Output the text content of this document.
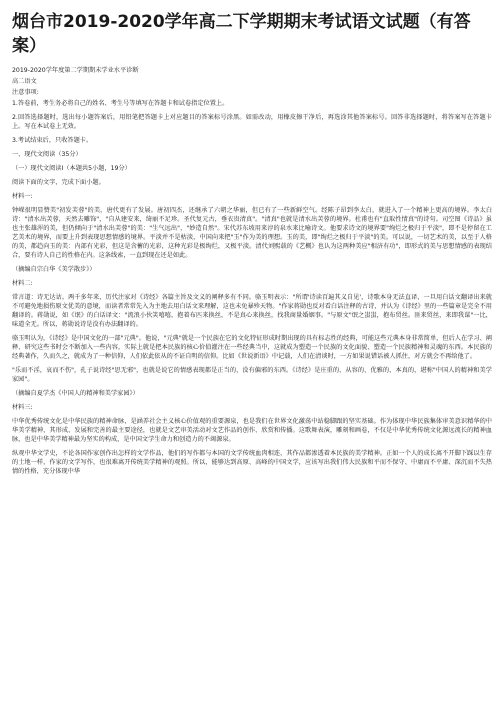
烟台市2019-2020学年高二下学期期末考试语文试题（有答案）

2019-2020学年度第二学期期末学业水平诊断

高二语文

注意事项:

1.答卷前，考生务必将自己的姓名、考生号等填写在答题卡和试卷指定位置上。

2.回答选择题时，选出每小题答案后，用铅笔把答题卡上对应题目的答案标号涂黑。如需改动，用橡皮擦干净后，再选涂其他答案标号。回答非选择题时，将答案写在答题卡上。写在本试卷上无效。

3.考试结束后，只收答题卡。

一、现代文阅读（35分）

（一）现代文阅读I（本题共5小题，19分）

阅读下面的文字，完成下面小题。

材料一:

钟嵘很明显赞美"初发芙蓉"的美，唐代更有了发展。唐初四杰，还继承了六朝之华丽，但已有了一些新鲜空气。经陈子昂到李太白，就进入了一个精神上更高的境界。李太白诗："清水出芙蓉，天然去雕饰"，"自从建安来，绮丽不足珍。圣代复元古，垂衣贵清真"。"清真"也就是清水出芙蓉的境界。杜甫也有"直取性情真"的诗句。司空图《诗品》虽也主张雄浑的美，但仍倾向于"清水出芙蓉"的美："生气远出"，"妙造自然"。宋代苏东坡用来淳的泉水来比喻诗文。他要求诗文的境界要"绚烂之极归于平淡"，即不是停留在工艺美术的境界，而要上升到表现思想情感的境界。平淡并不是枯淡，中国向来把"玉"作为美的理想。玉的美，即"绚烂之极归于平淡"的美。可以说，一切艺术的美，以至于人格的美，都趋向玉的美：内部有光彩，但这是含蓄的光彩，这种光彩是极绚烂，又极平淡。清代刘熙载的《艺概》也认为这两种美应"相济有功"，即形式的美与思想情感的表现结合，要有诗人自己的性格在内。这条线索，一直到现在还是如此。

（摘编自宗白华《美学散步》）

材料二:

常言道：诗无达诂。两千多年来，历代注家对《诗经》各篇主旨及文义的阐释多有不同。骆玉明表示："所谓'诗读百遍其义自见'，诗歌本身无法直译，一旦用白话文翻译出来就不可避免地损伤原文优美的意境，而读者常常先入为主地去用白话文来理解，这也未免暴殄天物。"作家蒋勋也反对看白话注释的古诗，并认为《诗经》里的一些篇章是完全不用翻译的。蒋勋说，如《氓》的白话译文："流浪小伙笑嘻嘻，抱着布匹来换丝，不是真心来换丝，找我商量婚姻事。"与原文"氓之蚩蚩，抱布贸丝。匪来贸丝，来即我谋"一比，味道全无。所以，蒋勋说诗是没有办法翻译的。

骆玉明认为，《诗经》是中国文化的一部"元典"。他说，"元典"就是一个民族在它的文化特征形成时期出现的具有标志性的经典，可能这些元典本身非常简单，但后人在学习、阐释、研究这些书时会不断加入一些内容，实际上就是把本民族的核心价值灌注在一些经典当中，这就成为塑造一个民族的文化面貌、塑造一个民族精神和灵魂的东西。本民族的经典著作，久而久之，就成为了一种信仰，人们依此依从的不证自明的信仰。比如《世说新语》中记载，人们在清谈时，一方如果说错话被人抓住，对方就会不再给他了。

"乐而不淫，哀而不伤"，孔子说诗经"思无邪"，也就是说它的情感表现都是正当的，没有偏邪的东西。《诗经》是庄重的、从容的、优雅的、本真的，堪称"中国人的精神和美学家园"。

（摘编自夏学杰《中国人的精神和美学家园》）

材料三:

中华优秀传统文化是中华民族的精神命脉，是涵养社会主义核心价值观的重要源泉，也是我们在世界文化激荡中站稳脚跟的坚实基础。作为体现中华民族集体审美意识精华的中华美学精神，其形成、发展和完善的最主要途径，也就是文艺审美活动对文艺作品的创作、欣赏和传播。这歌舞表演，雕刻和画卷，不仅是中华优秀传统文化源远流长的精神血脉，也是中华美学精神最为坚实的构成，是中国文学生命力和创造力的不竭源泉。

纵观中华文学史，不论各国作家创作出怎样的文学作品，他们的写作都与本国的文学传统血肉相连，其作品都渗透着本民族的美学精神。正如一个人的成长离不开脚下踩以生存的土地一样，作家的文学写作，也很难离开传统美学精神的观照。所以，能够达到高原、高峰的中国文学，应该写出我们伟大民族和平而不保守、中庸而不平庸、深沉而不失热情的性格，充分体现中华
